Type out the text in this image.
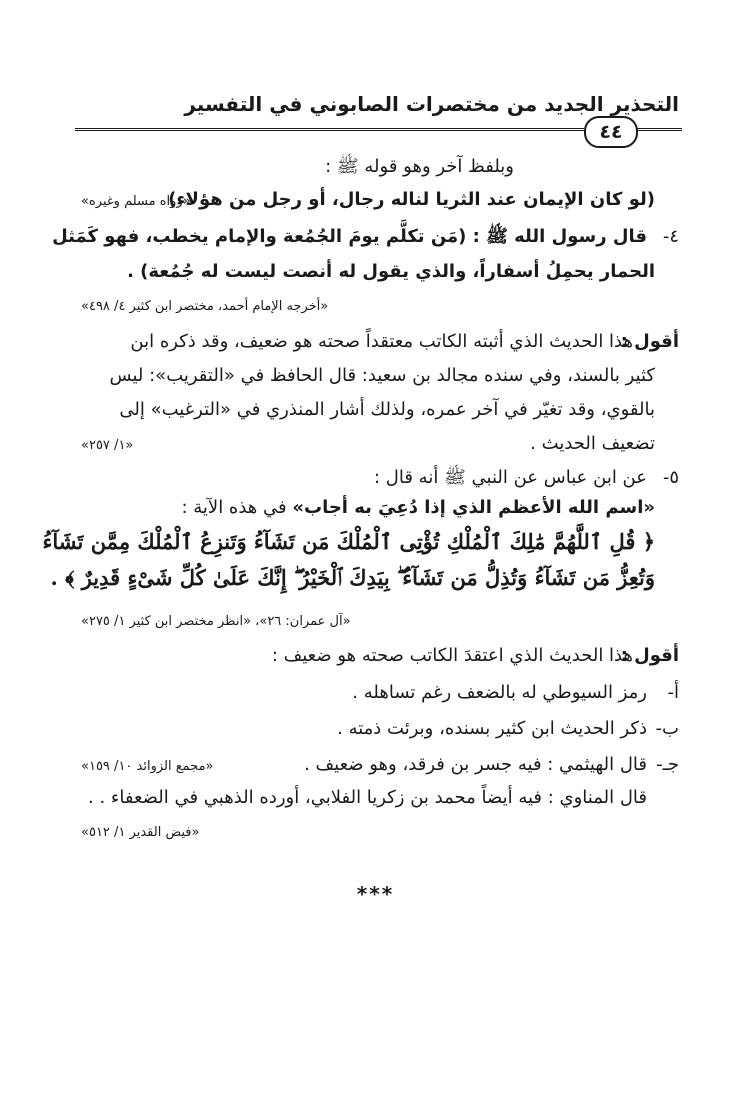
التحذير الجديد من مختصرات الصابوني في التفسير
٤٤
وبلفظ آخر وهو قوله ﷺ :
(لو كان الإيمان عند الثريا لناله رجال، أو رجل من هؤلاء)
«رواه مسلم وغيره»
٤-
قال رسول الله ﷺ : (مَن تكلَّم يومَ الجُمُعة والإمام يخطب، فهو كَمَثل
الحمار يحمِلُ أسفاراً، والذي يقول له أنصت ليست له جُمُعة) .
«أخرجه الإمام أحمد، مختصر ابن كثير ٤/ ٤٩٨»
أقول :
هذا الحديث الذي أثبته الكاتب معتقداً صحته هو ضعيف، وقد ذكره ابن
كثير بالسند، وفي سنده مجالد بن سعيد: قال الحافظ في «التقريب»: ليس
بالقوي، وقد تغيّر في آخر عمره، ولذلك أشار المنذري في «الترغيب» إلى
تضعيف الحديث .
«١/ ٢٥٧»
٥-
عن ابن عباس عن النبي ﷺ أنه قال :
«اسم الله الأعظم الذي إذا دُعِيَ به أجاب» في هذه الآية :
﴿ قُلِ ٱللَّهُمَّ مَٰلِكَ ٱلْمُلْكِ تُؤْتِى ٱلْمُلْكَ مَن تَشَآءُ وَتَنزِعُ ٱلْمُلْكَ مِمَّن تَشَآءُ
وَتُعِزُّ مَن تَشَآءُ وَتُذِلُّ مَن تَشَآءُ ۖ بِيَدِكَ ٱلْخَيْرُ ۖ إِنَّكَ عَلَىٰ كُلِّ شَىْءٍ قَدِيرٌ ﴾ .
«آل عمران: ٢٦»، «انظر مختصر ابن كثير ١/ ٢٧٥»
أقول :
هذا الحديث الذي اعتقدَ الكاتب صحته هو ضعيف :
أ-
رمز السيوطي له بالضعف رغم تساهله .
ب-
ذكر الحديث ابن كثير بسنده، وبرئت ذمته .
جـ-
قال الهيثمي : فيه جسر بن فرقد، وهو ضعيف .
«مجمع الزوائد ١٠/ ١٥٩»
قال المناوي : فيه أيضاً محمد بن زكريا الفلابي، أورده الذهبي في الضعفاء . .
«فيض القدير ١/ ٥١٢»
***
